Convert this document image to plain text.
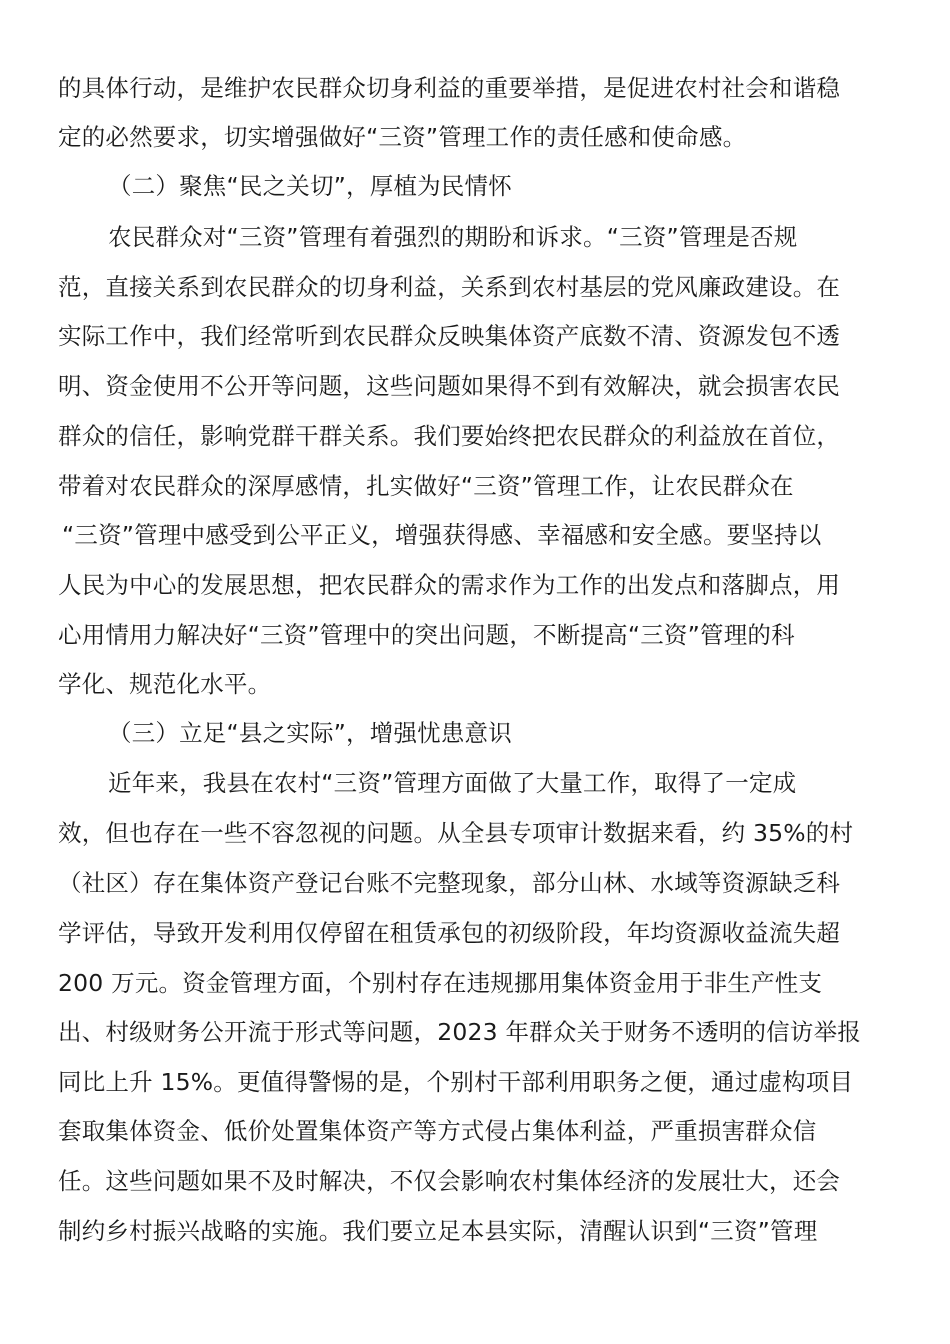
的具体行动，是维护农民群众切身利益的重要举措，是促进农村社会和谐稳
定的必然要求，切实增强做好“三资”管理工作的责任感和使命感。
（二）聚焦“民之关切”，厚植为民情怀
农民群众对“三资”管理有着强烈的期盼和诉求。“三资”管理是否规
范，直接关系到农民群众的切身利益，关系到农村基层的党风廉政建设。在
实际工作中，我们经常听到农民群众反映集体资产底数不清、资源发包不透
明、资金使用不公开等问题，这些问题如果得不到有效解决，就会损害农民
群众的信任，影响党群干群关系。我们要始终把农民群众的利益放在首位，
带着对农民群众的深厚感情，扎实做好“三资”管理工作，让农民群众在
“三资”管理中感受到公平正义，增强获得感、幸福感和安全感。要坚持以
人民为中心的发展思想，把农民群众的需求作为工作的出发点和落脚点，用
心用情用力解决好“三资”管理中的突出问题，不断提高“三资”管理的科
学化、规范化水平。
（三）立足“县之实际”，增强忧患意识
近年来，我县在农村“三资”管理方面做了大量工作，取得了一定成
效，但也存在一些不容忽视的问题。从全县专项审计数据来看，约 35%的村
（社区）存在集体资产登记台账不完整现象，部分山林、水域等资源缺乏科
学评估，导致开发利用仅停留在租赁承包的初级阶段，年均资源收益流失超
200 万元。资金管理方面，个别村存在违规挪用集体资金用于非生产性支
出、村级财务公开流于形式等问题，2023 年群众关于财务不透明的信访举报
同比上升 15%。更值得警惕的是，个别村干部利用职务之便，通过虚构项目
套取集体资金、低价处置集体资产等方式侵占集体利益，严重损害群众信
任。这些问题如果不及时解决，不仅会影响农村集体经济的发展壮大，还会
制约乡村振兴战略的实施。我们要立足本县实际，清醒认识到“三资”管理
